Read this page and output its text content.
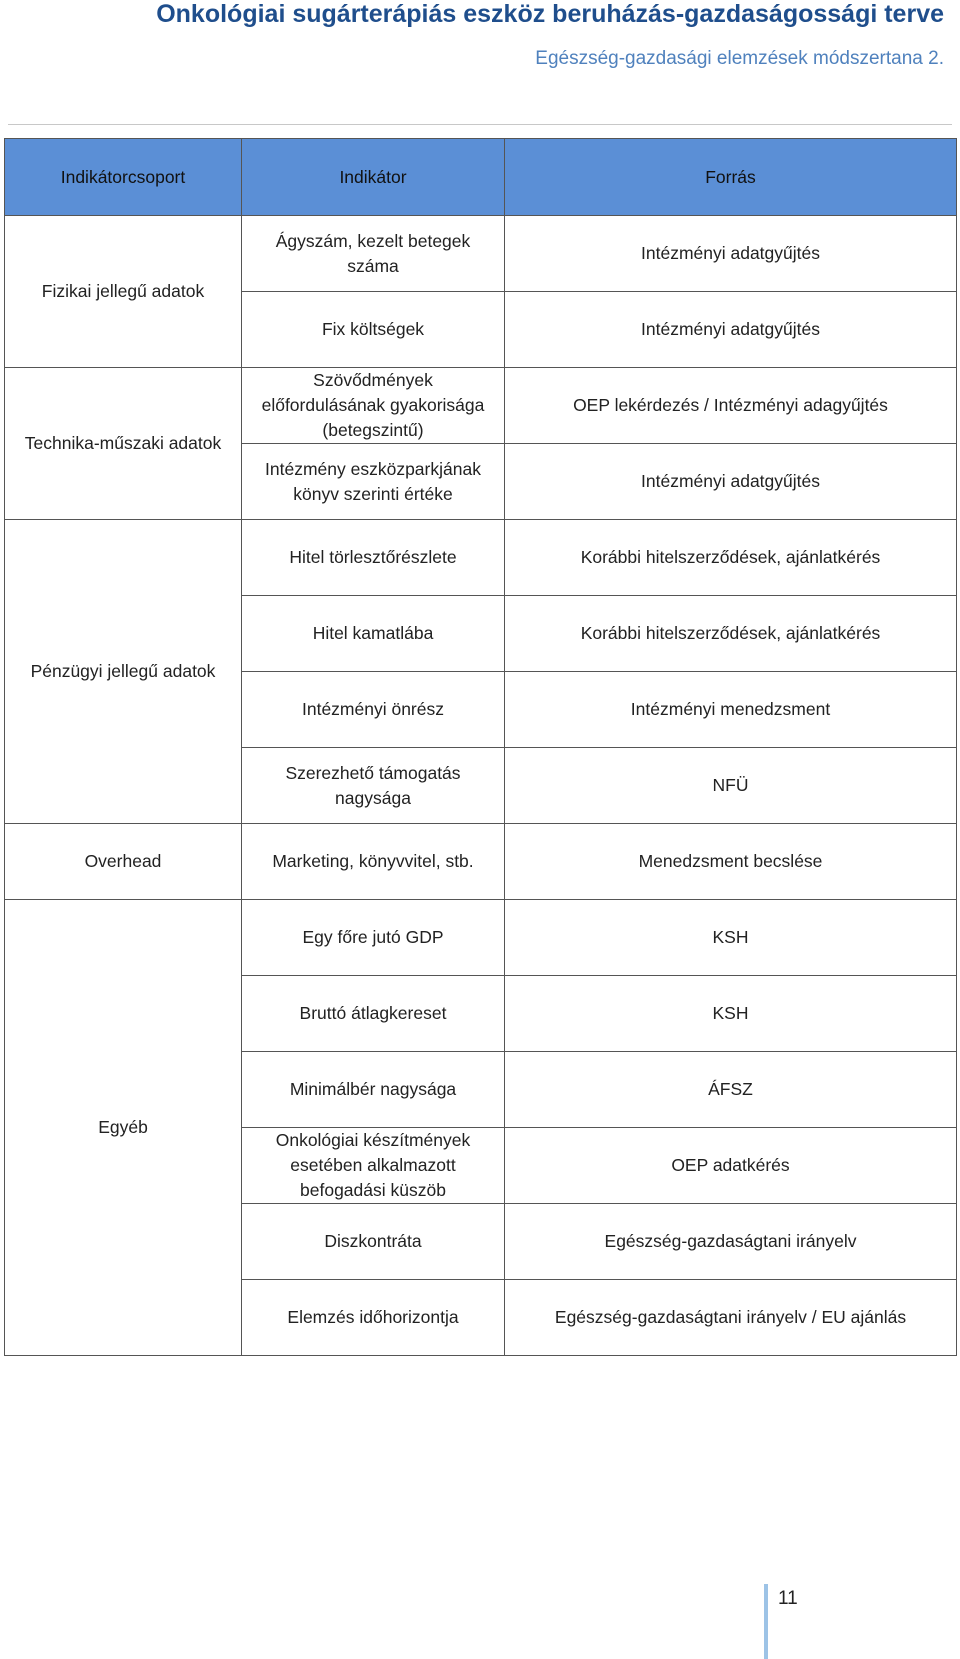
Onkológiai sugárterápiás eszköz beruházás-gazdaságossági terve
Egészség-gazdasági elemzések módszertana 2.
Indikátorcsoport	Indikátor	Forrás
Fizikai jellegű adatok	Ágyszám, kezelt betegek száma	Intézményi adatgyűjtés
	Fix költségek	Intézményi adatgyűjtés
Technika-műszaki adatok	Szövődmények előfordulásának gyakorisága (betegszintű)	OEP lekérdezés / Intézményi adagyűjtés
	Intézmény eszközparkjának könyv szerinti értéke	Intézményi adatgyűjtés
Pénzügyi jellegű adatok	Hitel törlesztőrészlete	Korábbi hitelszerződések, ajánlatkérés
	Hitel kamatlába	Korábbi hitelszerződések, ajánlatkérés
	Intézményi önrész	Intézményi menedzsment
	Szerezhető támogatás nagysága	NFÜ
Overhead	Marketing, könyvvitel, stb.	Menedzsment becslése
Egyéb	Egy főre jutó GDP	KSH
	Bruttó átlagkereset	KSH
	Minimálbér nagysága	ÁFSZ
	Onkológiai készítmények esetében alkalmazott befogadási küszöb	OEP adatkérés
	Diszkontráta	Egészség-gazdaságtani irányelv
	Elemzés időhorizontja	Egészség-gazdaságtani irányelv / EU ajánlás
11
